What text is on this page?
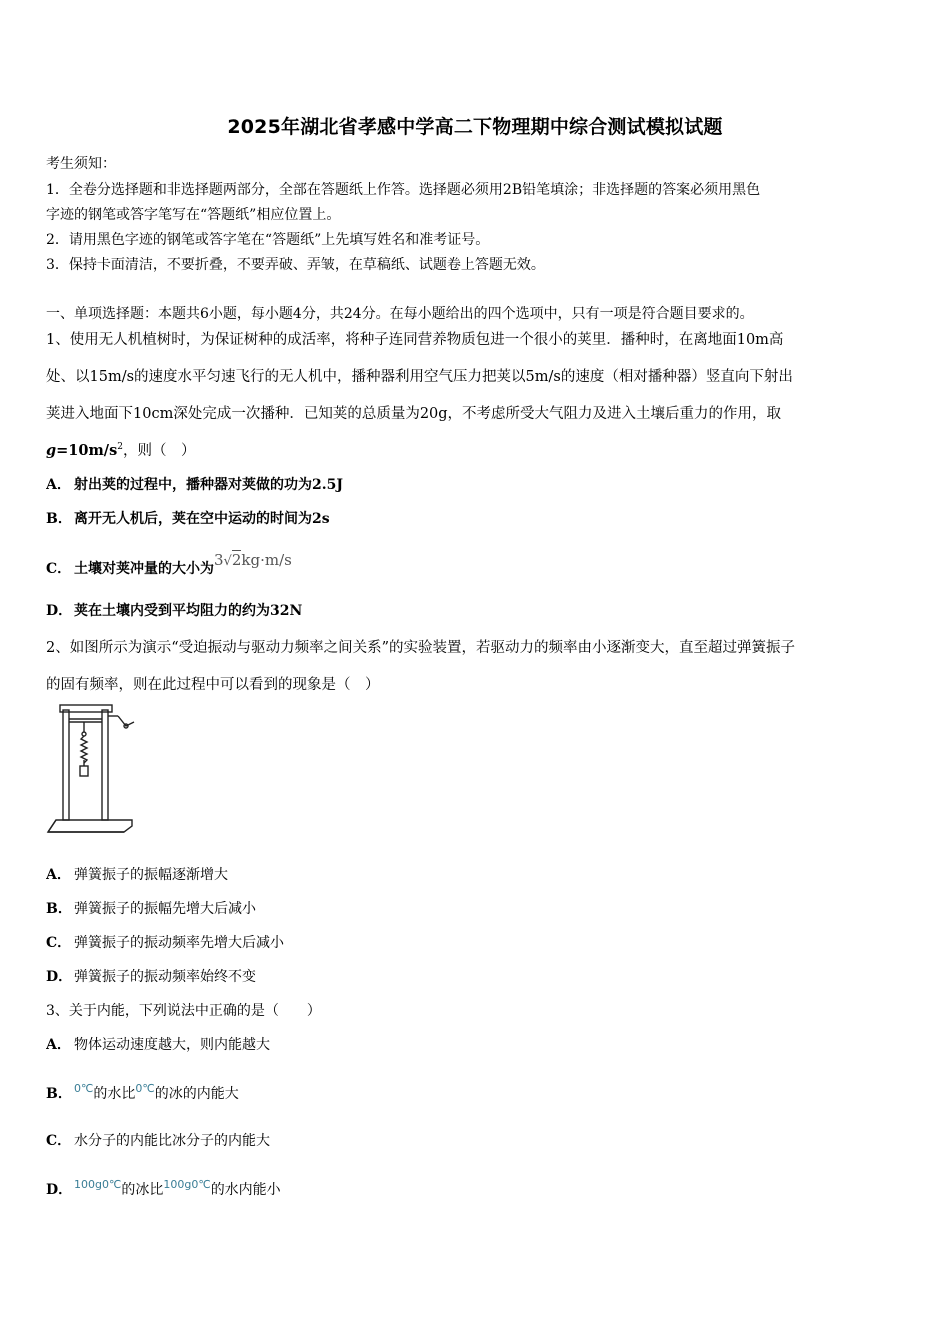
2025年湖北省孝感中学高二下物理期中综合测试模拟试题
考生须知：
1．全卷分选择题和非选择题两部分，全部在答题纸上作答。选择题必须用2B铅笔填涂；非选择题的答案必须用黑色
字迹的钢笔或答字笔写在“答题纸”相应位置上。
2．请用黑色字迹的钢笔或答字笔在“答题纸”上先填写姓名和准考证号。
3．保持卡面清洁，不要折叠，不要弄破、弄皱，在草稿纸、试题卷上答题无效。
一、单项选择题：本题共6小题，每小题4分，共24分。在每小题给出的四个选项中，只有一项是符合题目要求的。
1、使用无人机植树时，为保证树种的成活率，将种子连同营养物质包进一个很小的荚里．播种时，在离地面10m高
处、以15m/s的速度水平匀速飞行的无人机中，播种器利用空气压力把荚以5m/s的速度（相对播种器）竖直向下射出
荚进入地面下10cm深处完成一次播种．已知荚的总质量为20g，不考虑所受大气阻力及进入土壤后重力的作用，取
$g=10m/s^2$，则（　）
A． 射出荚的过程中，播种器对荚做的功为2.5J
B． 离开无人机后，荚在空中运动的时间为2s
C． 土壤对荚冲量的大小为3√2kg·m/s
D． 荚在土壤内受到平均阻力的约为32N
2、如图所示为演示“受迫振动与驱动力频率之间关系”的实验装置，若驱动力的频率由小逐渐变大，直至超过弹簧振子
的固有频率，则在此过程中可以看到的现象是（　）
A． 弹簧振子的振幅逐渐增大
B． 弹簧振子的振幅先增大后减小
C． 弹簧振子的振动频率先增大后减小
D． 弹簧振子的振动频率始终不变
3、关于内能，下列说法中正确的是（　　）
A． 物体运动速度越大，则内能越大
B． $^{0℃}$的水比$^{0℃}$的冰的内能大
C． 水分子的内能比冰分子的内能大
D． $^{100g0℃}$的冰比$^{100g0℃}$的水内能小
